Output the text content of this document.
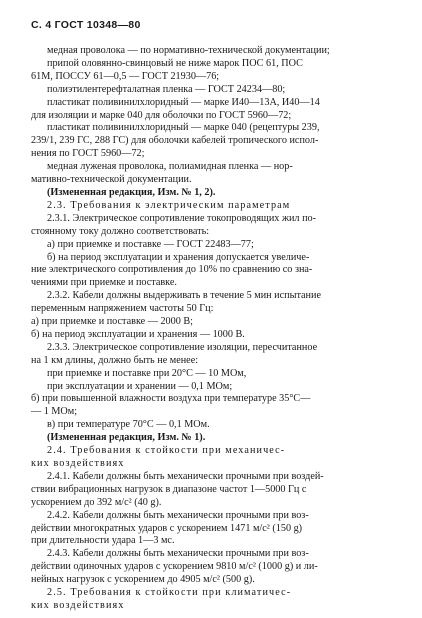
С. 4 ГОСТ 10348—80
медная проволока — по нормативно-технической документации;
припой оловянно-свинцовый не ниже марок ПОС 61, ПОС
61М, ПОССУ 61—0,5 — ГОСТ 21930—76;
полиэтилентерефталатная пленка — ГОСТ 24234—80;
пластикат поливинилхлоридный — марке И40—13А, И40—14
для изоляции и марке 040 для оболочки по ГОСТ 5960—72;
пластикат поливинилхлоридный — марке 040 (рецептуры 239,
239/1, 239 ГС, 288 ГС) для оболочки кабелей тропического испол-
нения по ГОСТ 5960—72;
медная луженая проволока, полиамидная пленка — нор-
мативно-технической документации.
(Измененная редакция, Изм. № 1, 2).
2.3. Требования к электрическим параметрам
2.3.1. Электрическое сопротивление токопроводящих жил по-
стоянному току должно соответствовать:
а) при приемке и поставке — ГОСТ 22483—77;
б) на период эксплуатации и хранения допускается увеличе-
ние электрического сопротивления до 10% по сравнению со зна-
чениями при приемке и поставке.
2.3.2. Кабели должны выдерживать в течение 5 мин испытание
переменным напряжением частоты 50 Гц:
а) при приемке и поставке — 2000 В;
б) на период эксплуатации и хранения — 1000 В.
2.3.3. Электрическое сопротивление изоляции, пересчитанное
на 1 км длины, должно быть не менее:
при приемке и поставке при 20°С — 10 МОм,
при эксплуатации и хранении — 0,1 МОм;
б) при повышенной влажности воздуха при температуре 35°С—
— 1 МОм;
в) при температуре 70°С — 0,1 МОм.
(Измененная редакция, Изм. № 1).
2.4. Требования к стойкости при механичес-
ких воздействиях
2.4.1. Кабели должны быть механически прочными при воздей-
ствии вибрационных нагрузок в диапазоне частот 1—5000 Гц с
ускорением до 392 м/с² (40 g).
2.4.2. Кабели должны быть механически прочными при воз-
действии многократных ударов с ускорением 1471 м/с² (150 g)
при длительности удара 1—3 мс.
2.4.3. Кабели должны быть механически прочными при воз-
действии одиночных ударов с ускорением 9810 м/с² (1000 g) и ли-
нейных нагрузок с ускорением до 4905 м/с² (500 g).
2.5. Требования к стойкости при климатичес-
ких воздействиях
